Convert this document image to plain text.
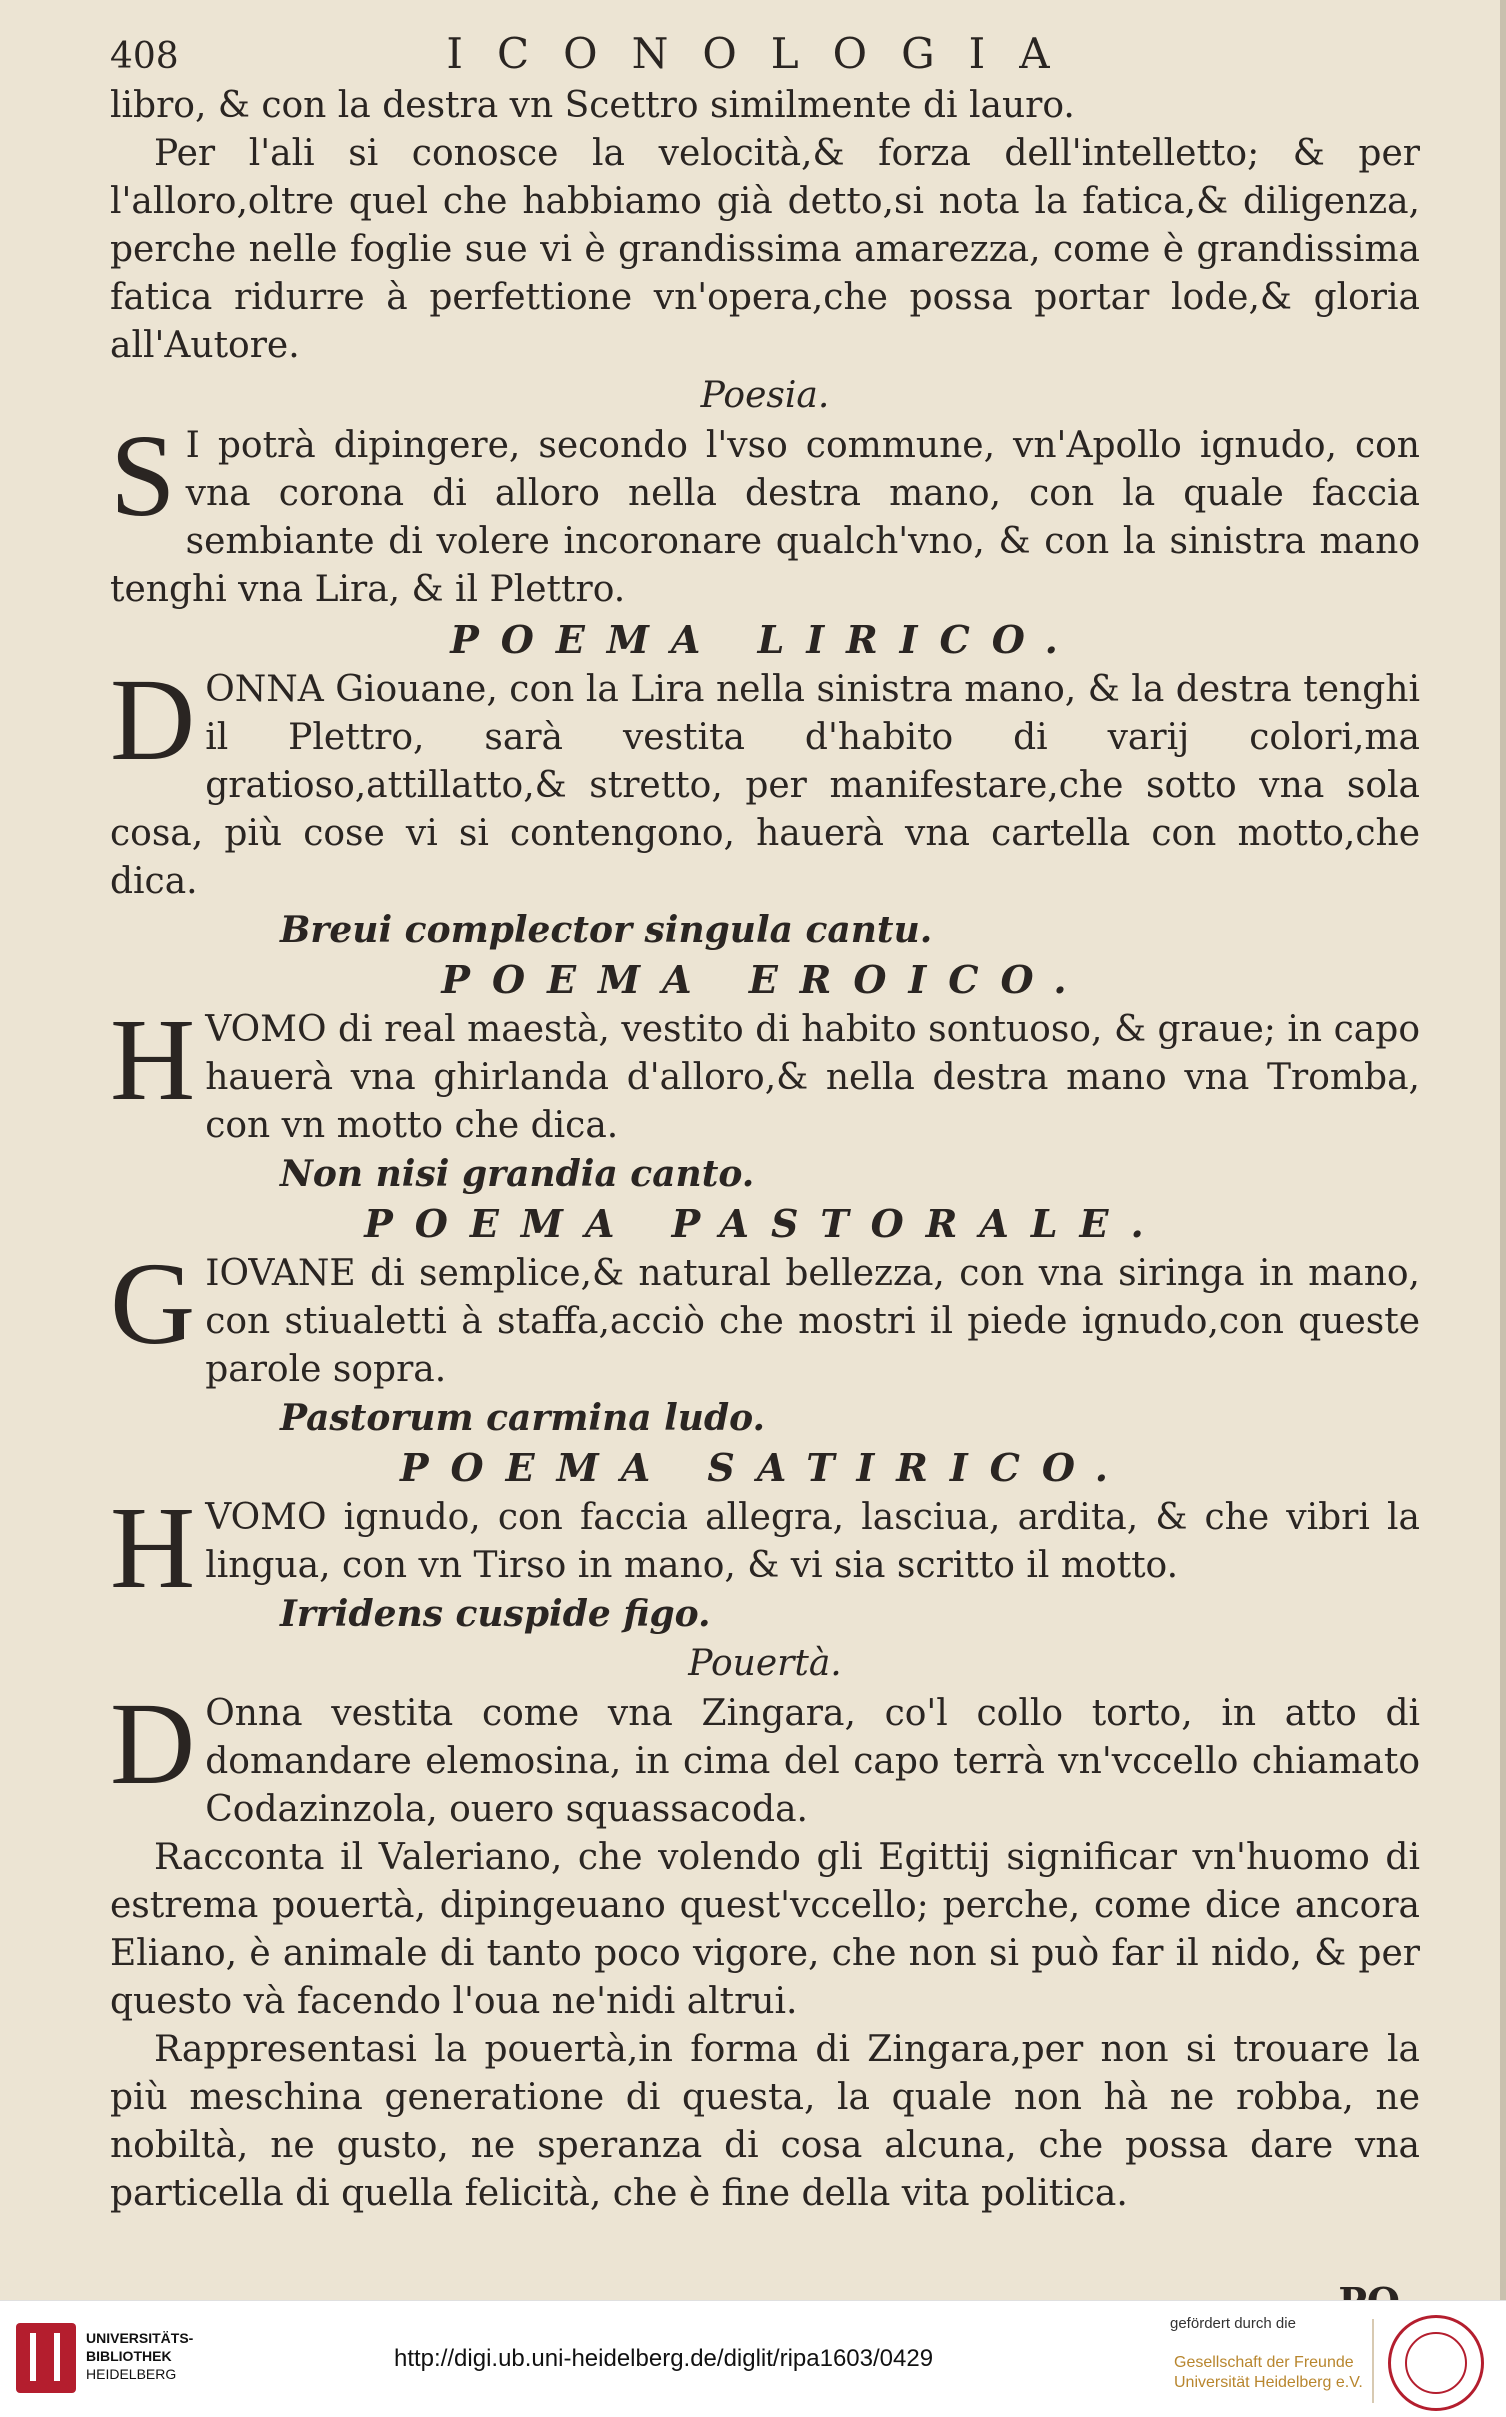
408	ICONOLOGIA

libro, & con la destra vn Scettro similmente di lauro.

Per l'ali si conosce la velocità,& forza dell'intelletto; & per l'alloro,oltre quel che habbiamo già detto,si nota la fatica,& diligenza, perche nelle foglie sue vi è grandissima amarezza, come è grandissima fatica ridurre à perfettione vn'opera,che possa portar lode,& gloria all'Autore.

Poesia.

SI potrà dipingere, secondo l'vso commune, vn'Apollo ignudo, con vna corona di alloro nella destra mano, con la quale faccia sembiante di volere incoronare qualch'vno, & con la sinistra mano tenghi vna Lira, & il Plettro.

POEMA LIRICO.

DONNA Giouane, con la Lira nella sinistra mano, & la destra tenghi il Plettro, sarà vestita d'habito di varij colori,ma gratioso,attillatto,& stretto, per manifestare,che sotto vna sola cosa, più cose vi si contengono, hauerà vna cartella con motto,che dica.

Breui complector singula cantu.

POEMA EROICO.

HVOMO di real maestà, vestito di habito sontuoso, & graue; in capo hauerà vna ghirlanda d'alloro,& nella destra mano vna Tromba, con vn motto che dica.

Non nisi grandia canto.

POEMA PASTORALE.

GIOVANE di semplice,& natural bellezza, con vna siringa in mano, con stiualetti à staffa,acciò che mostri il piede ignudo,con queste parole sopra.

Pastorum carmina ludo.

POEMA SATIRICO.

HVOMO ignudo, con faccia allegra, lasciua, ardita, & che vibri la lingua, con vn Tirso in mano, & vi sia scritto il motto.

Irridens cuspide figo.

Pouertà.

DOnna vestita come vna Zingara, co'l collo torto, in atto di domandare elemosina, in cima del capo terrà vn'vccello chiamato Codazinzola, ouero squassacoda.

Racconta il Valeriano, che volendo gli Egittij significar vn'huomo di estrema pouertà, dipingeuano quest'vccello; perche, come dice ancora Eliano, è animale di tanto poco vigore, che non si può far il nido, & per questo và facendo l'oua ne'nidi altrui.

Rappresentasi la pouertà,in forma di Zingara,per non si trouare la più meschina generatione di questa, la quale non hà ne robba, ne nobiltà, ne gusto, ne speranza di cosa alcuna, che possa dare vna particella di quella felicità, che è fine della vita politica.

UNIVERSITÄTS-
BIBLIOTHEK
HEIDELBERG
http://digi.ub.uni-heidelberg.de/diglit/ripa1603/0429
gefördert durch die
Gesellschaft der Freunde
Universität Heidelberg e.V.
